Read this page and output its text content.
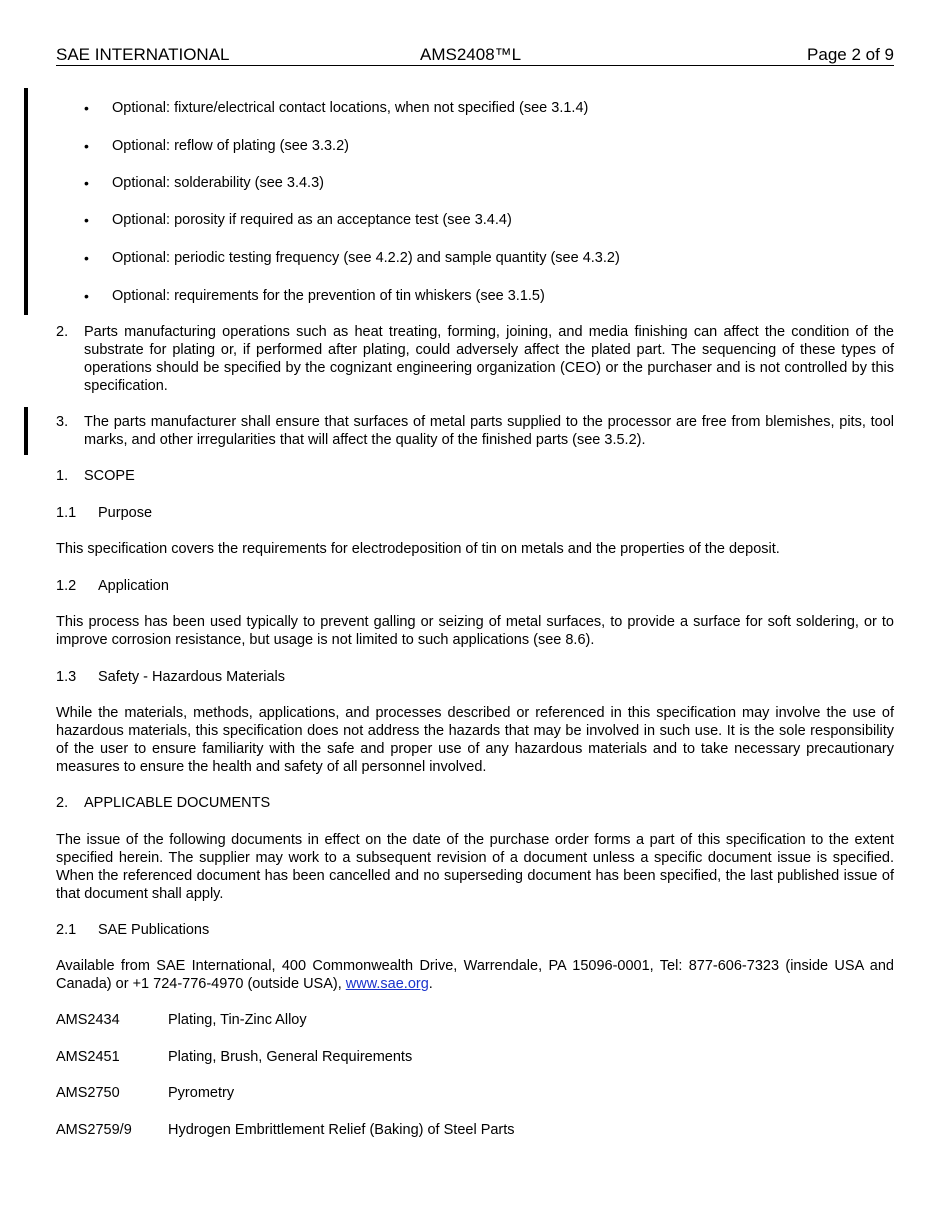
SAE INTERNATIONAL	AMS2408™L	Page 2 of 9
• Optional: fixture/electrical contact locations, when not specified (see 3.1.4)
• Optional: reflow of plating (see 3.3.2)
• Optional: solderability (see 3.4.3)
• Optional: porosity if required as an acceptance test (see 3.4.4)
• Optional: periodic testing frequency (see 4.2.2) and sample quantity (see 4.3.2)
• Optional: requirements for the prevention of tin whiskers (see 3.1.5)
2. Parts manufacturing operations such as heat treating, forming, joining, and media finishing can affect the condition of the substrate for plating or, if performed after plating, could adversely affect the plated part. The sequencing of these types of operations should be specified by the cognizant engineering organization (CEO) or the purchaser and is not controlled by this specification.
3. The parts manufacturer shall ensure that surfaces of metal parts supplied to the processor are free from blemishes, pits, tool marks, and other irregularities that will affect the quality of the finished parts (see 3.5.2).
1. SCOPE
1.1 Purpose
This specification covers the requirements for electrodeposition of tin on metals and the properties of the deposit.
1.2 Application
This process has been used typically to prevent galling or seizing of metal surfaces, to provide a surface for soft soldering, or to improve corrosion resistance, but usage is not limited to such applications (see 8.6).
1.3 Safety - Hazardous Materials
While the materials, methods, applications, and processes described or referenced in this specification may involve the use of hazardous materials, this specification does not address the hazards that may be involved in such use. It is the sole responsibility of the user to ensure familiarity with the safe and proper use of any hazardous materials and to take necessary precautionary measures to ensure the health and safety of all personnel involved.
2. APPLICABLE DOCUMENTS
The issue of the following documents in effect on the date of the purchase order forms a part of this specification to the extent specified herein. The supplier may work to a subsequent revision of a document unless a specific document issue is specified. When the referenced document has been cancelled and no superseding document has been specified, the last published issue of that document shall apply.
2.1 SAE Publications
Available from SAE International, 400 Commonwealth Drive, Warrendale, PA 15096-0001, Tel: 877-606-7323 (inside USA and Canada) or +1 724-776-4970 (outside USA), www.sae.org.
AMS2434	Plating, Tin-Zinc Alloy
AMS2451	Plating, Brush, General Requirements
AMS2750	Pyrometry
AMS2759/9 Hydrogen Embrittlement Relief (Baking) of Steel Parts
